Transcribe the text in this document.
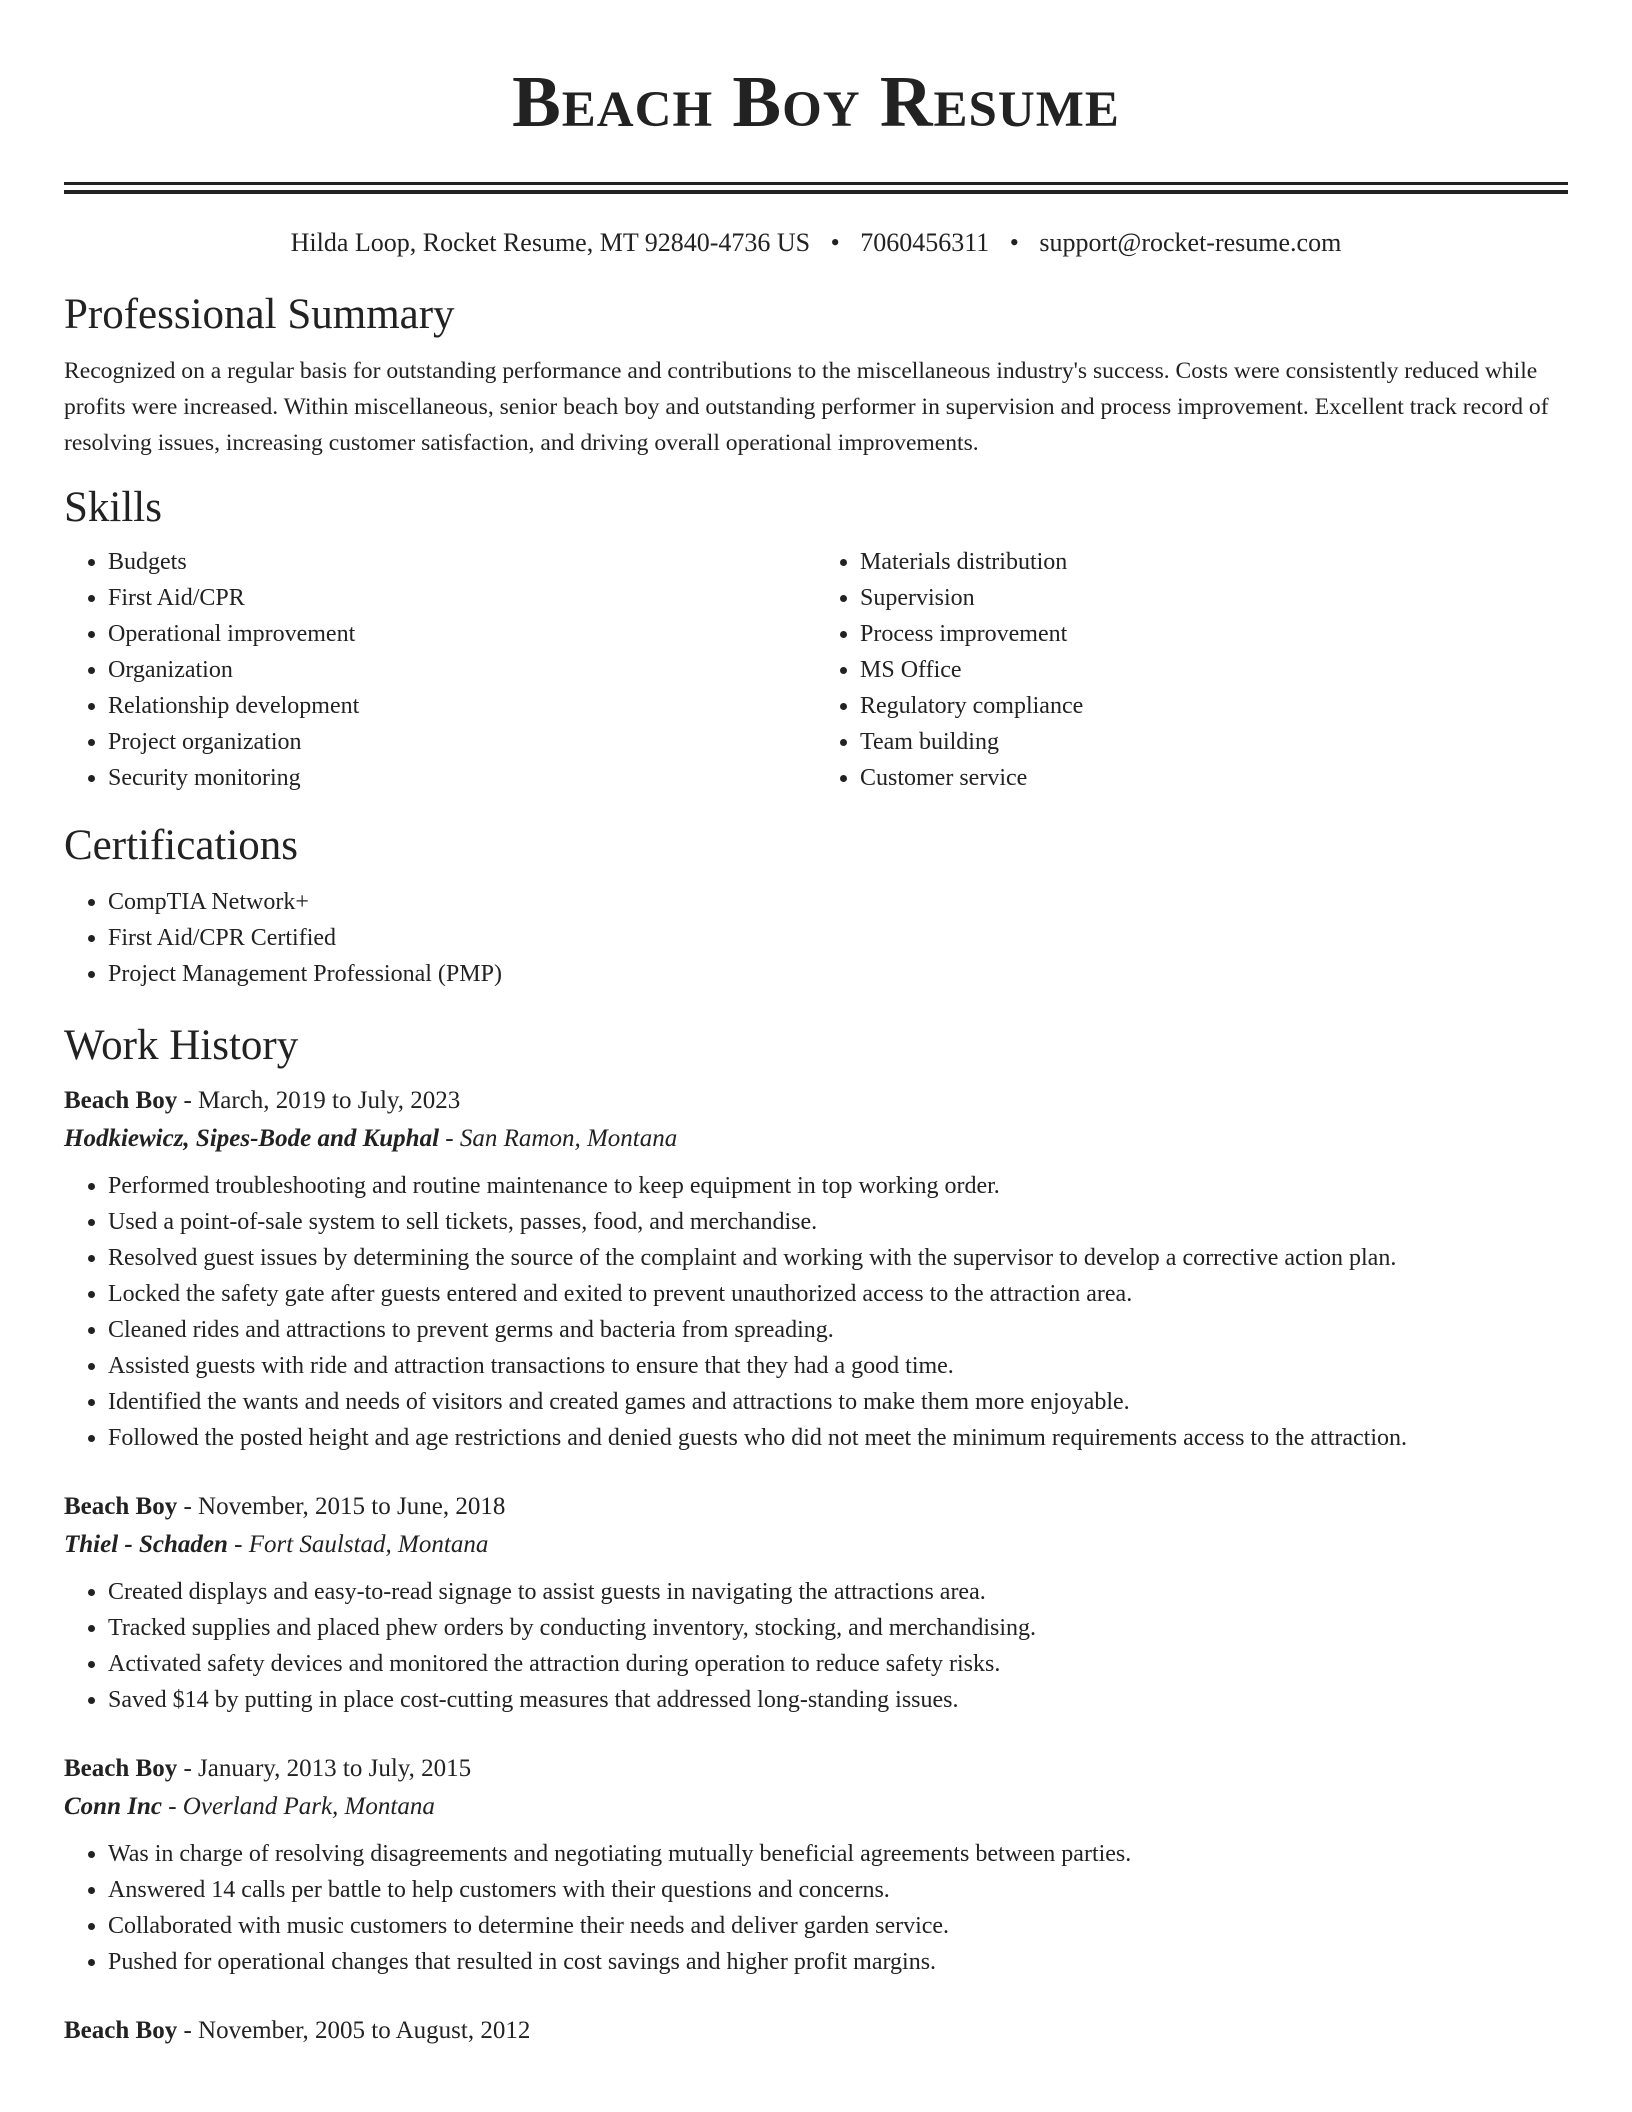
Beach Boy Resume
Hilda Loop, Rocket Resume, MT 92840-4736 US • 7060456311 • support@rocket-resume.com
Professional Summary

Recognized on a regular basis for outstanding performance and contributions to the miscellaneous industry's success. Costs were consistently reduced while profits were increased. Within miscellaneous, senior beach boy and outstanding performer in supervision and process improvement. Excellent track record of resolving issues, increasing customer satisfaction, and driving overall operational improvements.

Skills
• Budgets
• First Aid/CPR
• Operational improvement
• Organization
• Relationship development
• Project organization
• Security monitoring
• Materials distribution
• Supervision
• Process improvement
• MS Office
• Regulatory compliance
• Team building
• Customer service
Certifications
• CompTIA Network+
• First Aid/CPR Certified
• Project Management Professional (PMP)
Work History
Beach Boy - March, 2019 to July, 2023
Hodkiewicz, Sipes-Bode and Kuphal - San Ramon, Montana
• Performed troubleshooting and routine maintenance to keep equipment in top working order.
• Used a point-of-sale system to sell tickets, passes, food, and merchandise.
• Resolved guest issues by determining the source of the complaint and working with the supervisor to develop a corrective action plan.
• Locked the safety gate after guests entered and exited to prevent unauthorized access to the attraction area.
• Cleaned rides and attractions to prevent germs and bacteria from spreading.
• Assisted guests with ride and attraction transactions to ensure that they had a good time.
• Identified the wants and needs of visitors and created games and attractions to make them more enjoyable.
• Followed the posted height and age restrictions and denied guests who did not meet the minimum requirements access to the attraction.
Beach Boy - November, 2015 to June, 2018
Thiel - Schaden - Fort Saulstad, Montana
• Created displays and easy-to-read signage to assist guests in navigating the attractions area.
• Tracked supplies and placed phew orders by conducting inventory, stocking, and merchandising.
• Activated safety devices and monitored the attraction during operation to reduce safety risks.
• Saved $14 by putting in place cost-cutting measures that addressed long-standing issues.
Beach Boy - January, 2013 to July, 2015
Conn Inc - Overland Park, Montana
• Was in charge of resolving disagreements and negotiating mutually beneficial agreements between parties.
• Answered 14 calls per battle to help customers with their questions and concerns.
• Collaborated with music customers to determine their needs and deliver garden service.
• Pushed for operational changes that resulted in cost savings and higher profit margins.
Beach Boy - November, 2005 to August, 2012
